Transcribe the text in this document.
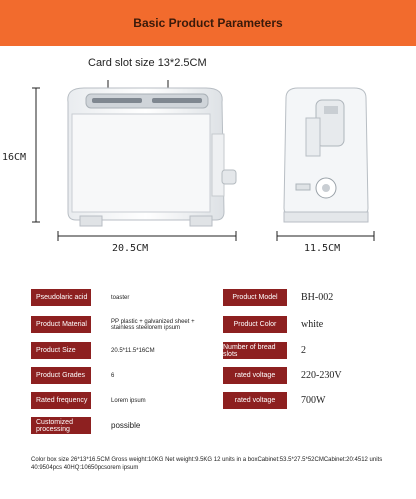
Basic Product Parameters
Card slot size 13*2.5CM
16CM
20.5CM	11.5CM
Pseudolaric acid	toaster	Product Model	BH-002
Product Material	PP plastic + galvanized sheet + stainless steelorem ipsum	Product Color	white
Product Size	20.5*11.5*16CM	Number of bread slots	2
Product Grades	6	rated voltage	220-230V
Rated frequency	Lorem ipsum	rated voltage	700W
Customized processing	possible
Color box size 26*13*16.5CM Gross weight:10KG Net weight:9.5KG 12 units in a boxCabinet:53.5*27.5*52CMCabinet:20:4512 units 40:9504pcs 40HQ:10650pcsorem ipsum
